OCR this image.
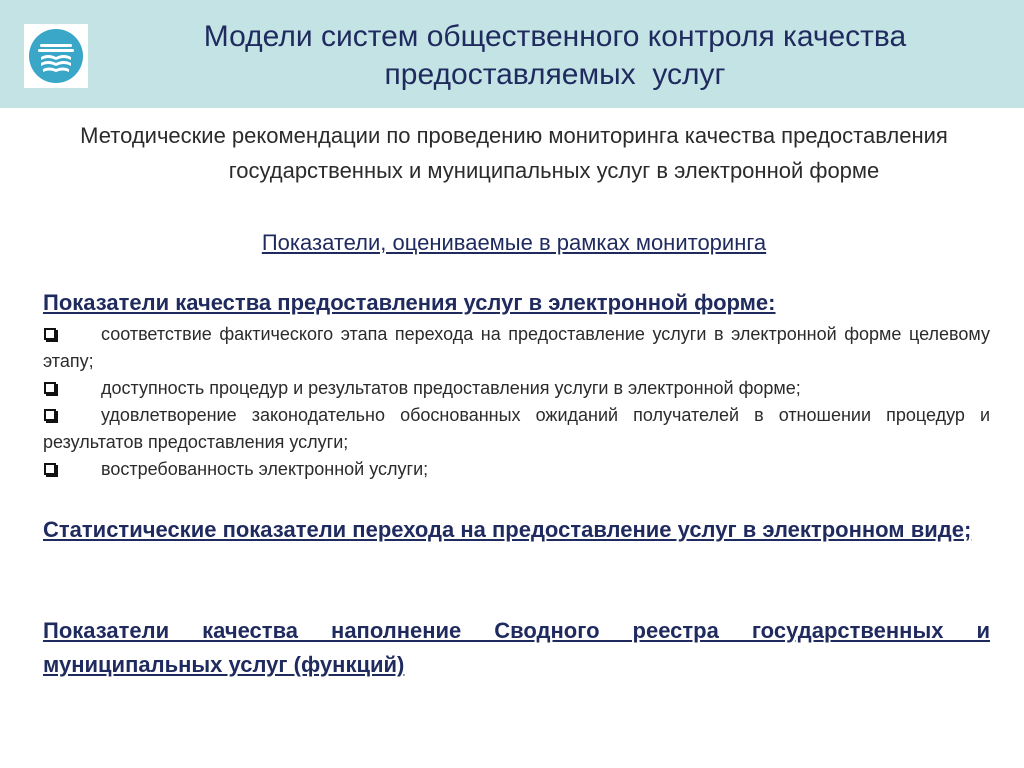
Модели систем общественного контроля качества
предоставляемых  услуг
Методические рекомендации по проведению мониторинга качества предоставления государственных и муниципальных услуг в электронной форме
Показатели, оцениваемые в рамках мониторинга
Показатели качества предоставления услуг в электронной форме:
соответствие фактического этапа перехода на предоставление услуги в электронной форме целевому этапу;
доступность процедур и результатов предоставления услуги в электронной форме;
удовлетворение законодательно обоснованных ожиданий получателей в отношении процедур и результатов предоставления услуги;
востребованность электронной услуги;
Статистические показатели перехода на предоставление услуг в электронном виде;
Показатели качества наполнение Сводного реестра государственных и муниципальных услуг (функций)
